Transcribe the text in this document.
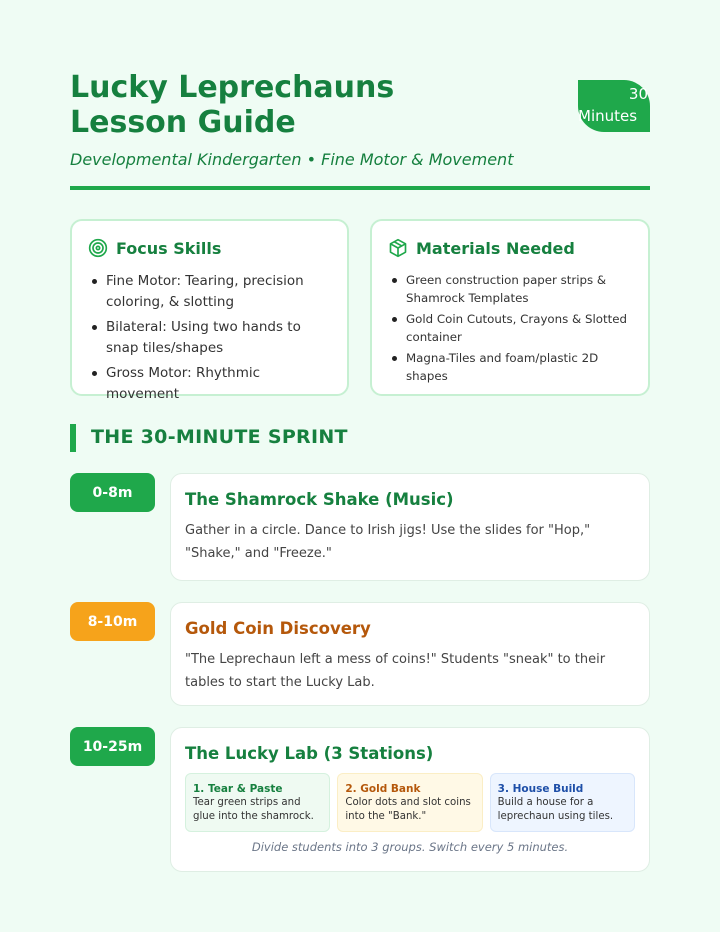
Lucky Leprechauns Lesson Guide
30
Minutes
Developmental Kindergarten • Fine Motor & Movement
Focus Skills
Fine Motor: Tearing, precision coloring, & slotting
Bilateral: Using two hands to snap tiles/shapes
Gross Motor: Rhythmic movement
Materials Needed
Green construction paper strips & Shamrock Templates
Gold Coin Cutouts, Crayons & Slotted container
Magna-Tiles and foam/plastic 2D shapes
THE 30-MINUTE SPRINT
0-8m	The Shamrock Shake (Music)

Gather in a circle. Dance to Irish jigs! Use the slides for "Hop," "Shake," and "Freeze."

8-10m	Gold Coin Discovery

"The Leprechaun left a mess of coins!" Students "sneak" to their tables to start the Lucky Lab.

10-25m	The Lucky Lab (3 Stations)
1. Tear & Paste
Tear green strips and glue into the shamrock.
2. Gold Bank
Color dots and slot coins into the "Bank."
3. House Build
Build a house for a leprechaun using tiles.
Divide students into 3 groups. Switch every 5 minutes.
